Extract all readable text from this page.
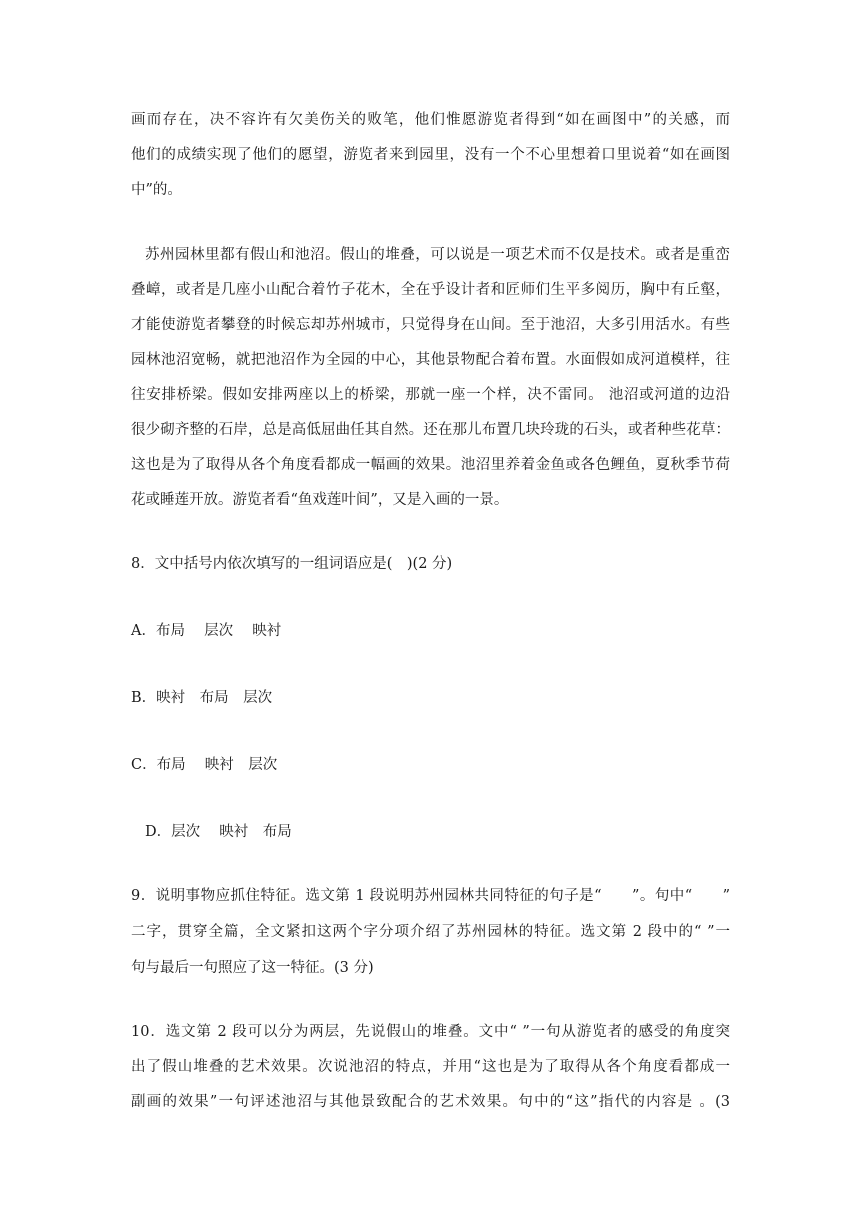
画而存在，决不容许有欠美伤关的败笔，他们惟愿游览者得到“如在画图中”的关感，而
他们的成绩实现了他们的愿望，游览者来到园里，没有一个不心里想着口里说着“如在画图
中”的。
苏州园林里都有假山和池沼。假山的堆叠，可以说是一项艺术而不仅是技术。或者是重峦
叠嶂，或者是几座小山配合着竹子花木，全在乎设计者和匠师们生平多阅历，胸中有丘壑，
才能使游览者攀登的时候忘却苏州城市，只觉得身在山间。至于池沼，大多引用活水。有些
园林池沼宽畅，就把池沼作为全园的中心，其他景物配合着布置。水面假如成河道模样，往
往安排桥梁。假如安排两座以上的桥梁，那就一座一个样，决不雷同。 池沼或河道的边沿
很少砌齐整的石岸，总是高低屈曲任其自然。还在那儿布置几块玲珑的石头，或者种些花草：
这也是为了取得从各个角度看都成一幅画的效果。池沼里养着金鱼或各色鲤鱼，夏秋季节荷
花或睡莲开放。游览者看“鱼戏莲叶间”，又是入画的一景。
8．文中括号内依次填写的一组词语应是(　)(2 分)
A．布局　 层次　 映衬
B．映衬　布局　层次
C．布局　 映衬　层次
D．层次　 映衬　布局
9．说明事物应抓住特征。选文第 1 段说明苏州园林共同特征的句子是“　　”。句中“　　”
二字，贯穿全篇，全文紧扣这两个字分项介绍了苏州园林的特征。选文第 2 段中的“ ”一
句与最后一句照应了这一特征。(3 分)
10．选文第 2 段可以分为两层，先说假山的堆叠。文中“ ”一句从游览者的感受的角度突
出了假山堆叠的艺术效果。次说池沼的特点，并用“这也是为了取得从各个角度看都成一
副画的效果”一句评述池沼与其他景致配合的艺术效果。句中的“这”指代的内容是 。(3
